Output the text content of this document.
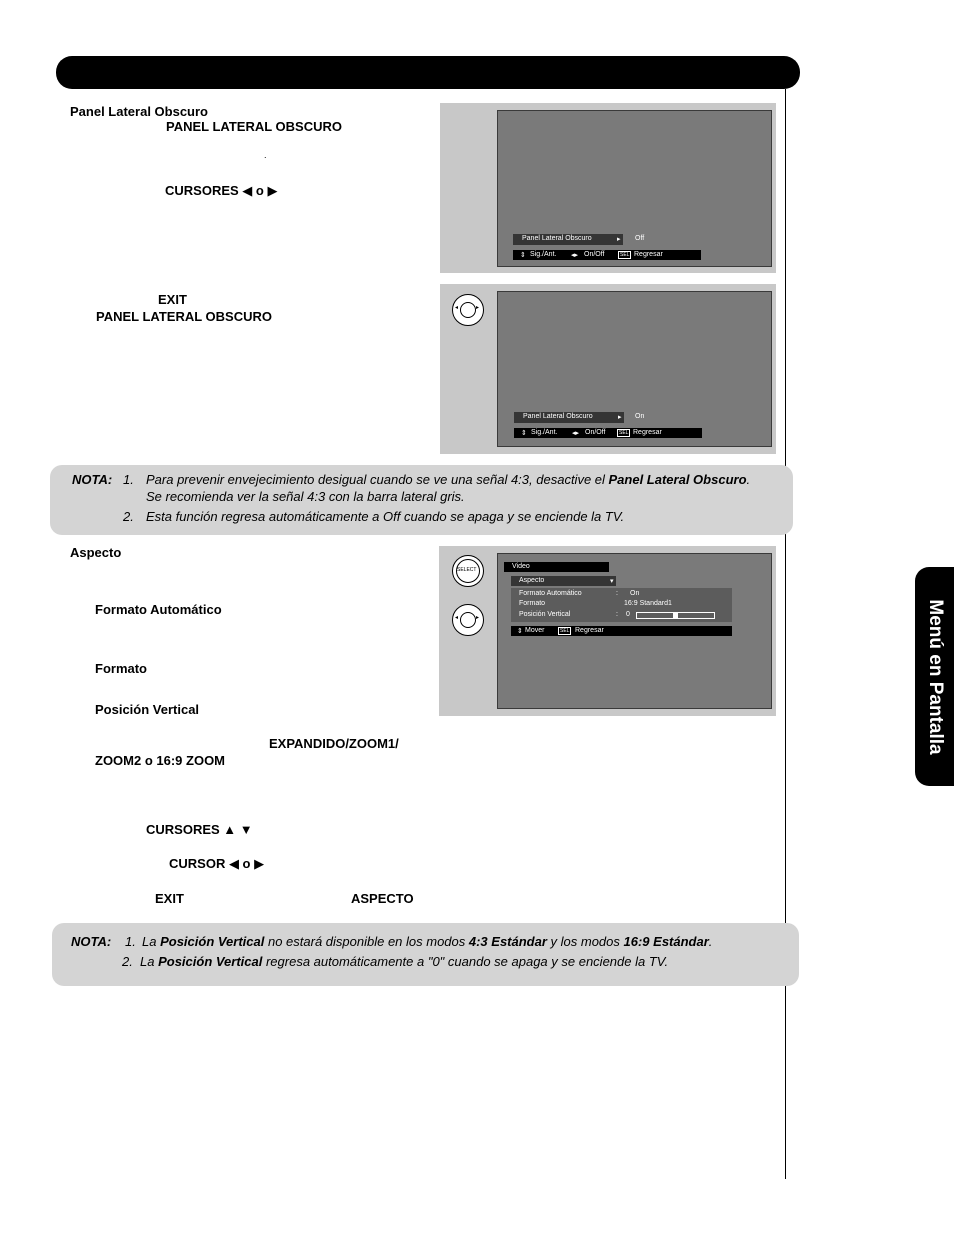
Menú en Pantalla
Panel Lateral Obscuro
PANEL LATERAL OBSCURO
.
CURSORES ◀ o ▶
EXIT
PANEL LATERAL OBSCURO
Panel Lateral Obscuro	▸ Off
⇕ Sig./Ant. ◂▸ On/Off	SEL Regresar
◂	▸
Panel Lateral Obscuro	▸ On
⇕ Sig./Ant. ◂▸ On/Off	SEL Regresar
NOTA: 1. Para prevenir envejecimiento desigual cuando se ve una señal 4:3, desactive el Panel Lateral Obscuro.
Se recomienda ver la señal 4:3 con la barra lateral gris.
2. Esta función regresa automáticamente a Off cuando se apaga y se enciende la TV.
Aspecto
Formato Automático
Formato
Posición Vertical
EXPANDIDO/ZOOM1/
ZOOM2 o 16:9 ZOOM
CURSORES ▲ ▼
CURSOR ◀ o ▶
EXIT	ASPECTO
SELECT
◂	▸
Video
Aspecto	▾
Formato Automático	: On
Formato	16:9 Standard1
Posición Vertical	: 0
⇕ Mover	SEL Regresar
NOTA: 1. La Posición Vertical no estará disponible en los modos 4:3 Estándar y los modos 16:9 Estándar.
2. La Posición Vertical regresa automáticamente a "0" cuando se apaga y se enciende la TV.
